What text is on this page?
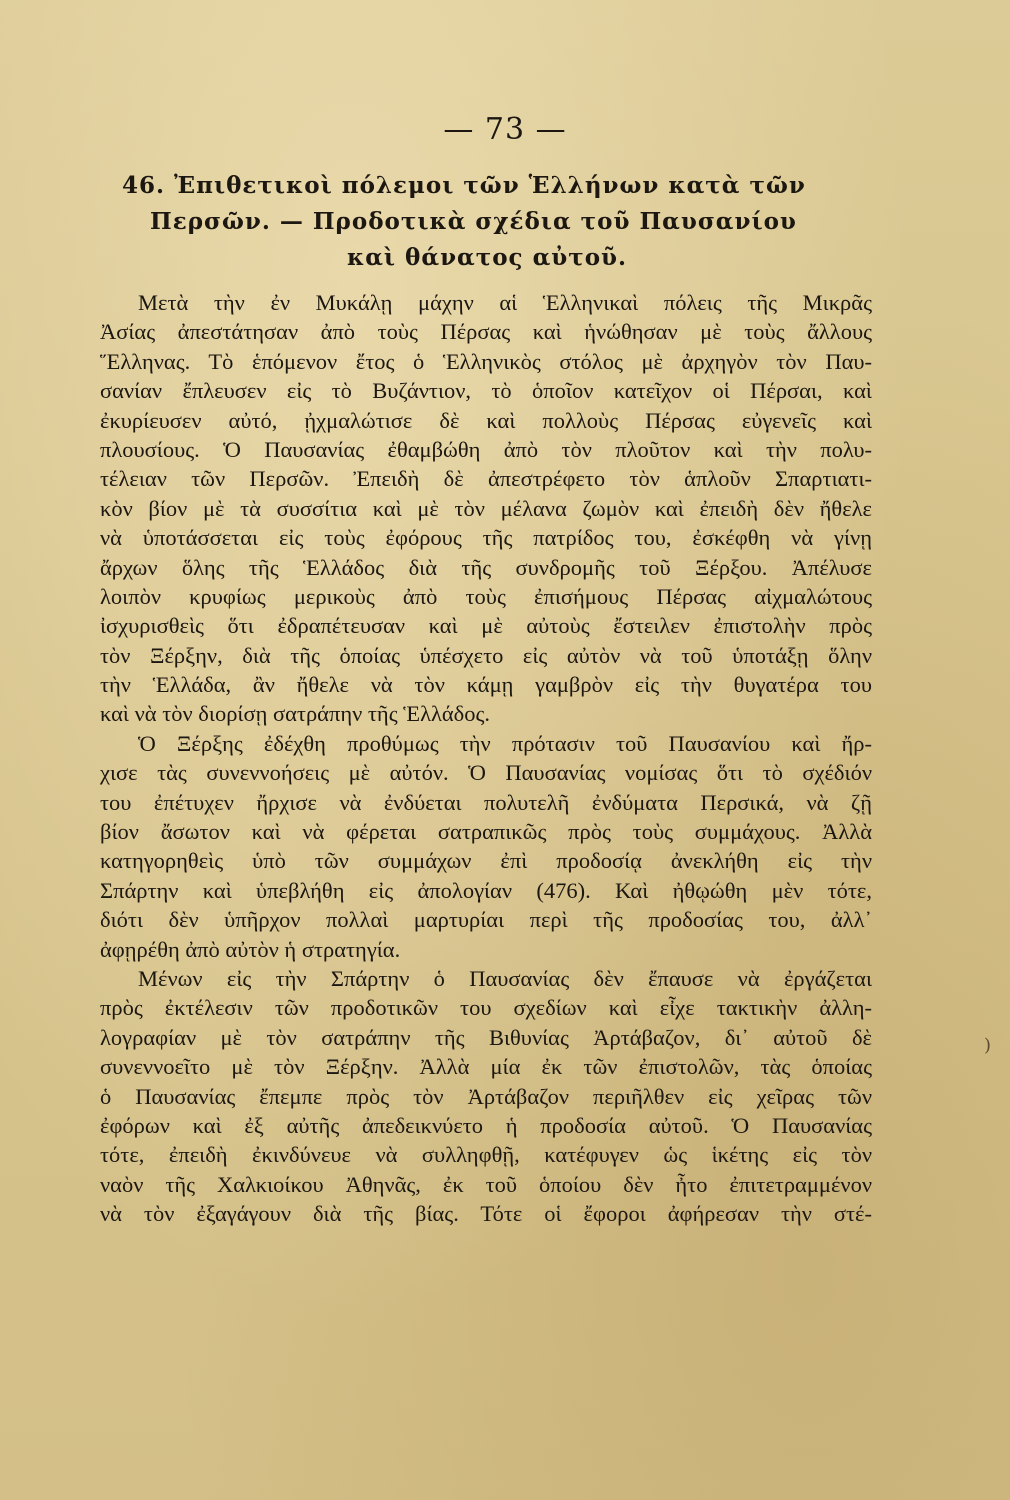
— 73 —
46. Ἐπιθετικοὶ πόλεμοι τῶν Ἑλλήνων κατὰ τῶν
Περσῶν. — Προδοτικὰ σχέδια τοῦ Παυσανίου
καὶ θάνατος αὐτοῦ.
Μετὰ τὴν ἐν Μυκάλῃ μάχην αἱ Ἑλληνικαὶ πόλεις τῆς Μικρᾶς
Ἀσίας ἀπεστάτησαν ἀπὸ τοὺς Πέρσας καὶ ἡνώθησαν μὲ τοὺς ἄλλους
Ἕλληνας. Τὸ ἑπόμενον ἔτος ὁ Ἑλληνικὸς στόλος μὲ ἀρχηγὸν τὸν Παυ-
σανίαν ἔπλευσεν εἰς τὸ Βυζάντιον, τὸ ὁποῖον κατεῖχον οἱ Πέρσαι, καὶ
ἐκυρίευσεν αὐτό, ᾐχμαλώτισε δὲ καὶ πολλοὺς Πέρσας εὐγενεῖς καὶ
πλουσίους. Ὁ Παυσανίας ἐθαμβώθη ἀπὸ τὸν πλοῦτον καὶ τὴν πολυ-
τέλειαν τῶν Περσῶν. Ἐπειδὴ δὲ ἀπεστρέφετο τὸν ἁπλοῦν Σπαρτιατι-
κὸν βίον μὲ τὰ συσσίτια καὶ μὲ τὸν μέλανα ζωμὸν καὶ ἐπειδὴ δὲν ἤθελε
νὰ ὑποτάσσεται εἰς τοὺς ἐφόρους τῆς πατρίδος του, ἐσκέφθη νὰ γίνῃ
ἄρχων ὅλης τῆς Ἑλλάδος διὰ τῆς συνδρομῆς τοῦ Ξέρξου. Ἀπέλυσε
λοιπὸν κρυφίως μερικοὺς ἀπὸ τοὺς ἐπισήμους Πέρσας αἰχμαλώτους
ἰσχυρισθεὶς ὅτι ἐδραπέτευσαν καὶ μὲ αὐτοὺς ἔστειλεν ἐπιστολὴν πρὸς
τὸν Ξέρξην, διὰ τῆς ὁποίας ὑπέσχετο εἰς αὐτὸν νὰ τοῦ ὑποτάξῃ ὅλην
τὴν Ἑλλάδα, ἂν ἤθελε νὰ τὸν κάμῃ γαμβρὸν εἰς τὴν θυγατέρα του
καὶ νὰ τὸν διορίσῃ σατράπην τῆς Ἑλλάδος.
Ὁ Ξέρξης ἐδέχθη προθύμως τὴν πρότασιν τοῦ Παυσανίου καὶ ἤρ-
χισε τὰς συνεννοήσεις μὲ αὐτόν. Ὁ Παυσανίας νομίσας ὅτι τὸ σχέδιόν
του ἐπέτυχεν ἤρχισε νὰ ἐνδύεται πολυτελῆ ἐνδύματα Περσικά, νὰ ζῇ
βίον ἄσωτον καὶ νὰ φέρεται σατραπικῶς πρὸς τοὺς συμμάχους. Ἀλλὰ
κατηγορηθεὶς ὑπὸ τῶν συμμάχων ἐπὶ προδοσίᾳ ἀνεκλήθη εἰς τὴν
Σπάρτην καὶ ὑπεβλήθη εἰς ἀπολογίαν (476). Καὶ ἠθῳώθη μὲν τότε,
διότι δὲν ὑπῆρχον πολλαὶ μαρτυρίαι περὶ τῆς προδοσίας του, ἀλλ᾿
ἀφῃρέθη ἀπὸ αὐτὸν ἡ στρατηγία.
Μένων εἰς τὴν Σπάρτην ὁ Παυσανίας δὲν ἔπαυσε νὰ ἐργάζεται
πρὸς ἐκτέλεσιν τῶν προδοτικῶν του σχεδίων καὶ εἶχε τακτικὴν ἀλλη-
λογραφίαν μὲ τὸν σατράπην τῆς Βιθυνίας Ἀρτάβαζον, δι᾿ αὐτοῦ δὲ
συνεννοεῖτο μὲ τὸν Ξέρξην. Ἀλλὰ μία ἐκ τῶν ἐπιστολῶν, τὰς ὁποίας
ὁ Παυσανίας ἔπεμπε πρὸς τὸν Ἀρτάβαζον περιῆλθεν εἰς χεῖρας τῶν
ἐφόρων καὶ ἐξ αὐτῆς ἀπεδεικνύετο ἡ προδοσία αὐτοῦ. Ὁ Παυσανίας
τότε, ἐπειδὴ ἐκινδύνευε νὰ συλληφθῇ, κατέφυγεν ὡς ἱκέτης εἰς τὸν
ναὸν τῆς Χαλκιοίκου Ἀθηνᾶς, ἐκ τοῦ ὁποίου δὲν ἦτο ἐπιτετραμμένον
νὰ τὸν ἐξαγάγουν διὰ τῆς βίας. Τότε οἱ ἔφοροι ἀφήρεσαν τὴν στέ-
)
